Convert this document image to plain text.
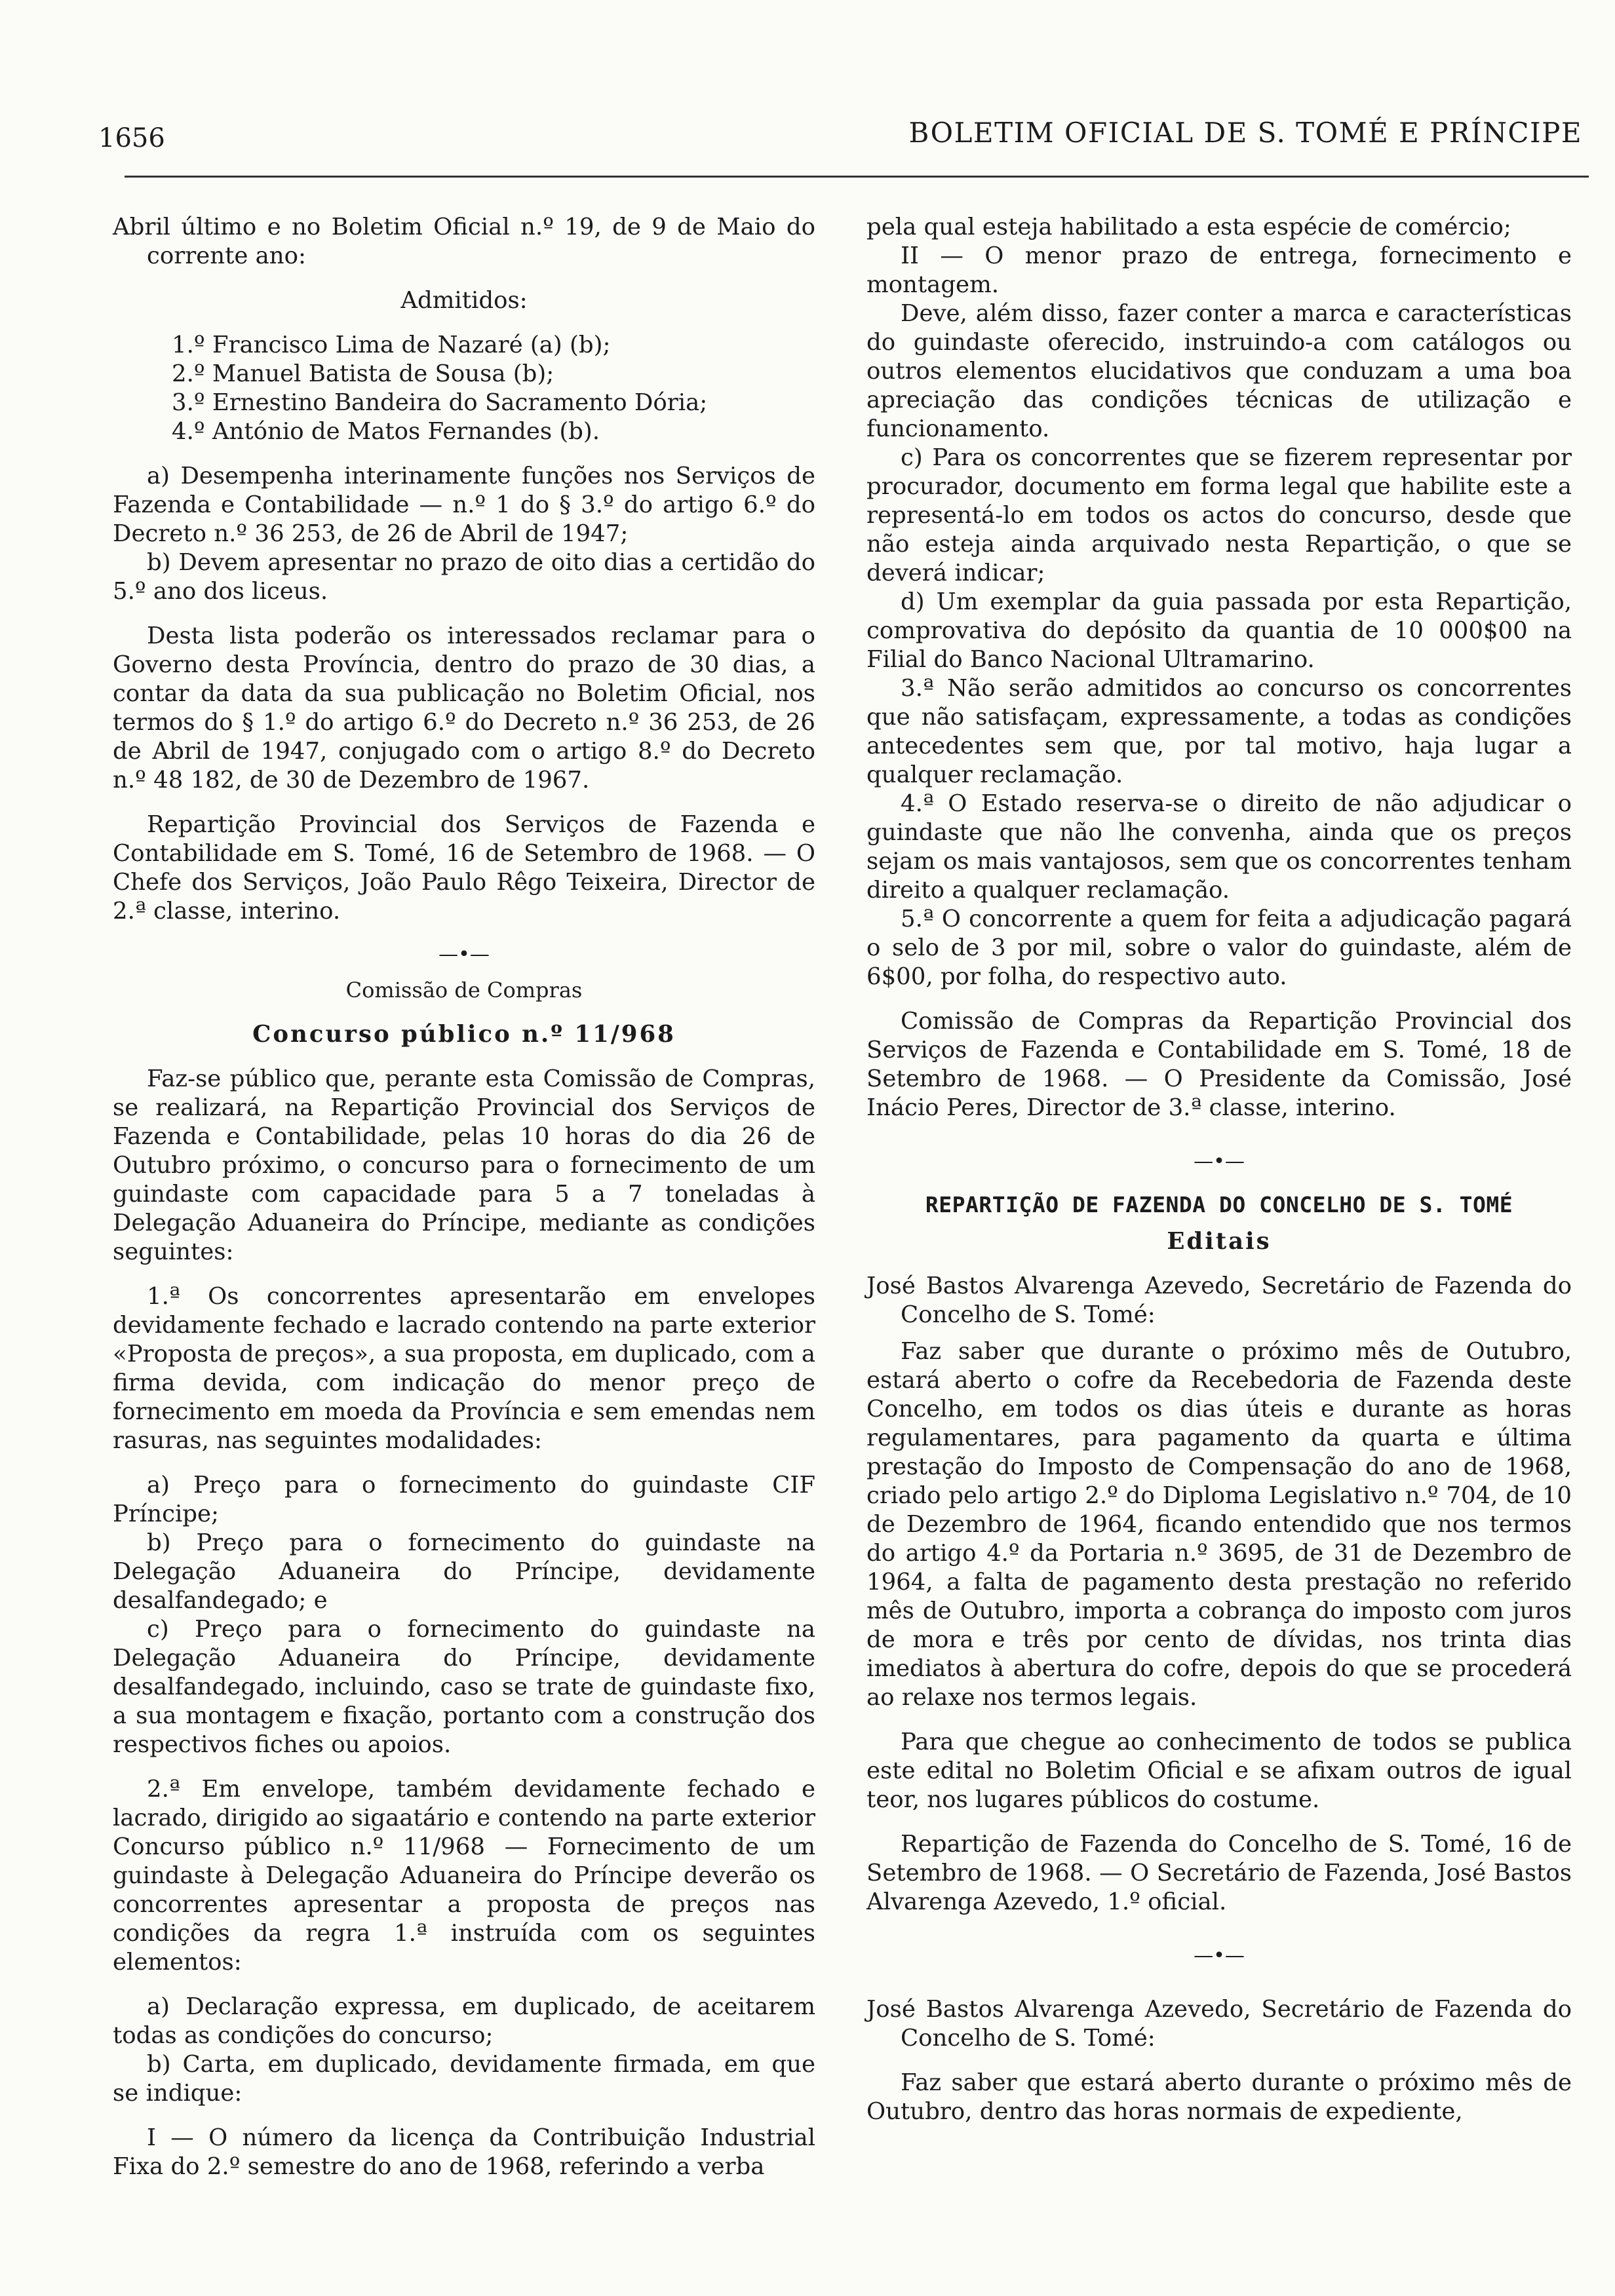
1656	BOLETIM OFICIAL DE S. TOMÉ E PRÍNCIPE

Abril último e no Boletim Oficial n.º 19, de 9 de Maio do corrente ano:

Admitidos:

1.º Francisco Lima de Nazaré (a) (b);

2.º Manuel Batista de Sousa (b);

3.º Ernestino Bandeira do Sacramento Dória;

4.º António de Matos Fernandes (b).

a) Desempenha interinamente funções nos Serviços de Fazenda e Contabilidade — n.º 1 do § 3.º do artigo 6.º do Decreto n.º 36 253, de 26 de Abril de 1947;

b) Devem apresentar no prazo de oito dias a certidão do 5.º ano dos liceus.

Desta lista poderão os interessados reclamar para o Governo desta Província, dentro do prazo de 30 dias, a contar da data da sua publicação no Boletim Oficial, nos termos do § 1.º do artigo 6.º do Decreto n.º 36 253, de 26 de Abril de 1947, conjugado com o artigo 8.º do Decreto n.º 48 182, de 30 de Dezembro de 1967.

Repartição Provincial dos Serviços de Fazenda e Contabilidade em S. Tomé, 16 de Setembro de 1968. — O Chefe dos Serviços, João Paulo Rêgo Teixeira, Director de 2.ª classe, interino.

—•—

Comissão de Compras

Concurso público n.º 11/968

Faz-se público que, perante esta Comissão de Compras, se realizará, na Repartição Provincial dos Serviços de Fazenda e Contabilidade, pelas 10 horas do dia 26 de Outubro próximo, o concurso para o fornecimento de um guindaste com capacidade para 5 a 7 toneladas à Delegação Aduaneira do Príncipe, mediante as condições seguintes:

1.ª Os concorrentes apresentarão em envelopes devidamente fechado e lacrado contendo na parte exterior «Proposta de preços», a sua proposta, em duplicado, com a firma devida, com indicação do menor preço de fornecimento em moeda da Província e sem emendas nem rasuras, nas seguintes modalidades:

a) Preço para o fornecimento do guindaste CIF Príncipe;

b) Preço para o fornecimento do guindaste na Delegação Aduaneira do Príncipe, devidamente desalfandegado; e

c) Preço para o fornecimento do guindaste na Delegação Aduaneira do Príncipe, devidamente desalfandegado, incluindo, caso se trate de guindaste fixo, a sua montagem e fixação, portanto com a construção dos respectivos fiches ou apoios.

2.ª Em envelope, também devidamente fechado e lacrado, dirigido ao sigaatário e contendo na parte exterior Concurso público n.º 11/968 — Fornecimento de um guindaste à Delegação Aduaneira do Príncipe deverão os concorrentes apresentar a proposta de preços nas condições da regra 1.ª instruída com os seguintes elementos:

a) Declaração expressa, em duplicado, de aceitarem todas as condições do concurso;

b) Carta, em duplicado, devidamente firmada, em que se indique:

I — O número da licença da Contribuição Industrial Fixa do 2.º semestre do ano de 1968, referindo a verba

pela qual esteja habilitado a esta espécie de comércio;

II — O menor prazo de entrega, fornecimento e montagem.

Deve, além disso, fazer conter a marca e características do guindaste oferecido, instruindo-a com catálogos ou outros elementos elucidativos que conduzam a uma boa apreciação das condições técnicas de utilização e funcionamento.

c) Para os concorrentes que se fizerem representar por procurador, documento em forma legal que habilite este a representá-lo em todos os actos do concurso, desde que não esteja ainda arquivado nesta Repartição, o que se deverá indicar;

d) Um exemplar da guia passada por esta Repartição, comprovativa do depósito da quantia de 10 000$00 na Filial do Banco Nacional Ultramarino.

3.ª Não serão admitidos ao concurso os concorrentes que não satisfaçam, expressamente, a todas as condições antecedentes sem que, por tal motivo, haja lugar a qualquer reclamação.

4.ª O Estado reserva-se o direito de não adjudicar o guindaste que não lhe convenha, ainda que os preços sejam os mais vantajosos, sem que os concorrentes tenham direito a qualquer reclamação.

5.ª O concorrente a quem for feita a adjudicação pagará o selo de 3 por mil, sobre o valor do guindaste, além de 6$00, por folha, do respectivo auto.

Comissão de Compras da Repartição Provincial dos Serviços de Fazenda e Contabilidade em S. Tomé, 18 de Setembro de 1968. — O Presidente da Comissão, José Inácio Peres, Director de 3.ª classe, interino.

—•—

REPARTIÇÃO DE FAZENDA DO CONCELHO DE S. TOMÉ

Editais

José Bastos Alvarenga Azevedo, Secretário de Fazenda do Concelho de S. Tomé:

Faz saber que durante o próximo mês de Outubro, estará aberto o cofre da Recebedoria de Fazenda deste Concelho, em todos os dias úteis e durante as horas regulamentares, para pagamento da quarta e última prestação do Imposto de Compensação do ano de 1968, criado pelo artigo 2.º do Diploma Legislativo n.º 704, de 10 de Dezembro de 1964, ficando entendido que nos termos do artigo 4.º da Portaria n.º 3695, de 31 de Dezembro de 1964, a falta de pagamento desta prestação no referido mês de Outubro, importa a cobrança do imposto com juros de mora e três por cento de dívidas, nos trinta dias imediatos à abertura do cofre, depois do que se procederá ao relaxe nos termos legais.

Para que chegue ao conhecimento de todos se publica este edital no Boletim Oficial e se afixam outros de igual teor, nos lugares públicos do costume.

Repartição de Fazenda do Concelho de S. Tomé, 16 de Setembro de 1968. — O Secretário de Fazenda, José Bastos Alvarenga Azevedo, 1.º oficial.

—•—

José Bastos Alvarenga Azevedo, Secretário de Fazenda do Concelho de S. Tomé:

Faz saber que estará aberto durante o próximo mês de Outubro, dentro das horas normais de expediente,
